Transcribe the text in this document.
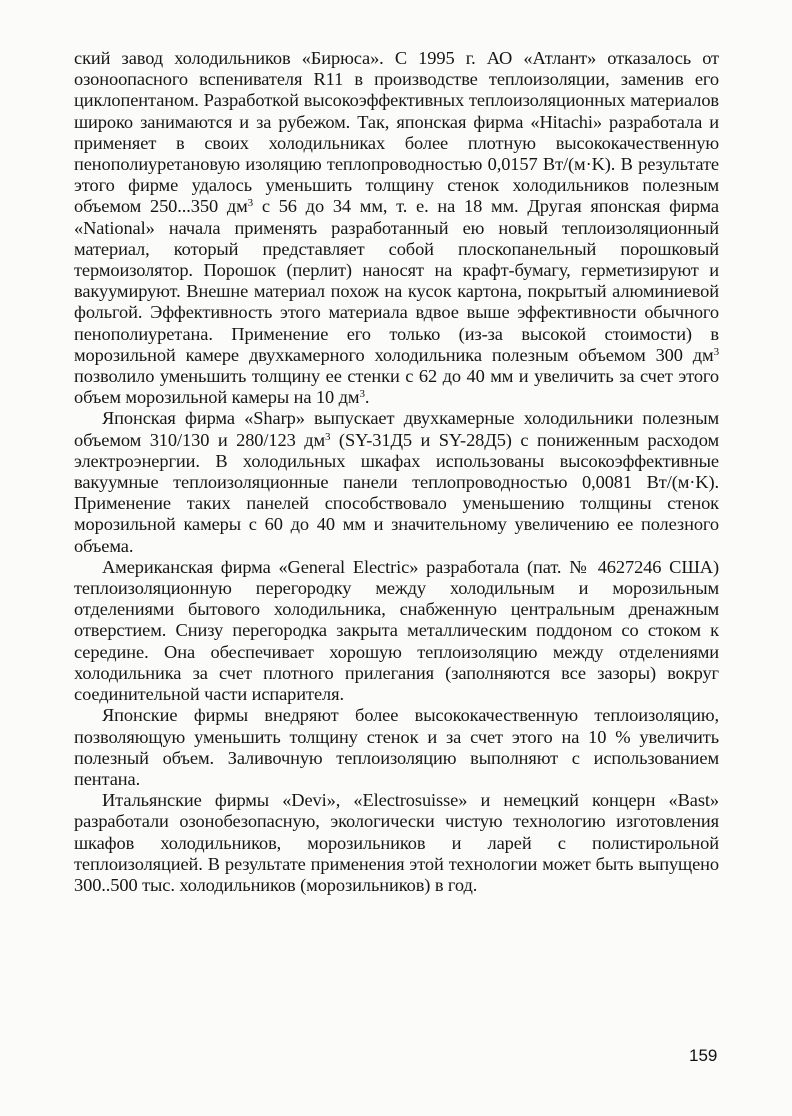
ский завод холодильников «Бирюса». С 1995 г. АО «Атлант» отказалось от озоноопасного вспенивателя R11 в производстве теплоизоляции, заменив его циклопентаном. Разработкой высокоэффективных теплоизоляционных материалов широко занимаются и за рубежом. Так, японская фирма «Hitachi» разработала и применяет в своих холодильниках более плотную высококачественную пенополиуретановую изоляцию теплопроводностью 0,0157 Вт/(м·K). В результате этого фирме удалось уменьшить толщину стенок холодильников полезным объемом 250...350 $дм^3$ с 56 до 34 мм, т. е. на 18 мм. Другая японская фирма «National» начала применять разработанный ею новый теплоизоляционный материал, который представляет собой плоскопанельный порошковый термоизолятор. Порошок (перлит) наносят на крафт-бумагу, герметизируют и вакуумируют. Внешне материал похож на кусок картона, покрытый алюминиевой фольгой. Эффективность этого материала вдвое выше эффективности обычного пенополиуретана. Применение его только (из-за высокой стоимости) в морозильной камере двухкамерного холодильника полезным объемом 300 $дм^3$ позволило уменьшить толщину ее стенки с 62 до 40 мм и увеличить за счет этого объем морозильной камеры на 10 $дм^3$.

Японская фирма «Sharp» выпускает двухкамерные холодильники полезным объемом 310/130 и 280/123 $дм^3$ (SY-31Д5 и SY-28Д5) с пониженным расходом электроэнергии. В холодильных шкафах использованы высокоэффективные вакуумные теплоизоляционные панели теплопроводностью 0,0081 Вт/(м·K). Применение таких панелей способствовало уменьшению толщины стенок морозильной камеры с 60 до 40 мм и значительному увеличению ее полезного объема.

Американская фирма «General Electric» разработала (пат. № 4627246 США) теплоизоляционную перегородку между холодильным и морозильным отделениями бытового холодильника, снабженную центральным дренажным отверстием. Снизу перегородка закрыта металлическим поддоном со стоком к середине. Она обеспечивает хорошую теплоизоляцию между отделениями холодильника за счет плотного прилегания (заполняются все зазоры) вокруг соединительной части испарителя.

Японские фирмы внедряют более высококачественную теплоизоляцию, позволяющую уменьшить толщину стенок и за счет этого на 10 % увеличить полезный объем. Заливочную теплоизоляцию выполняют с использованием пентана.

Итальянские фирмы «Devi», «Electrosuisse» и немецкий концерн «Bast» разработали озонобезопасную, экологически чистую технологию изготовления шкафов холодильников, морозильников и ларей с полистирольной теплоизоляцией. В результате применения этой технологии может быть выпущено 300..500 тыс. холодильников (морозильников) в год.

159
